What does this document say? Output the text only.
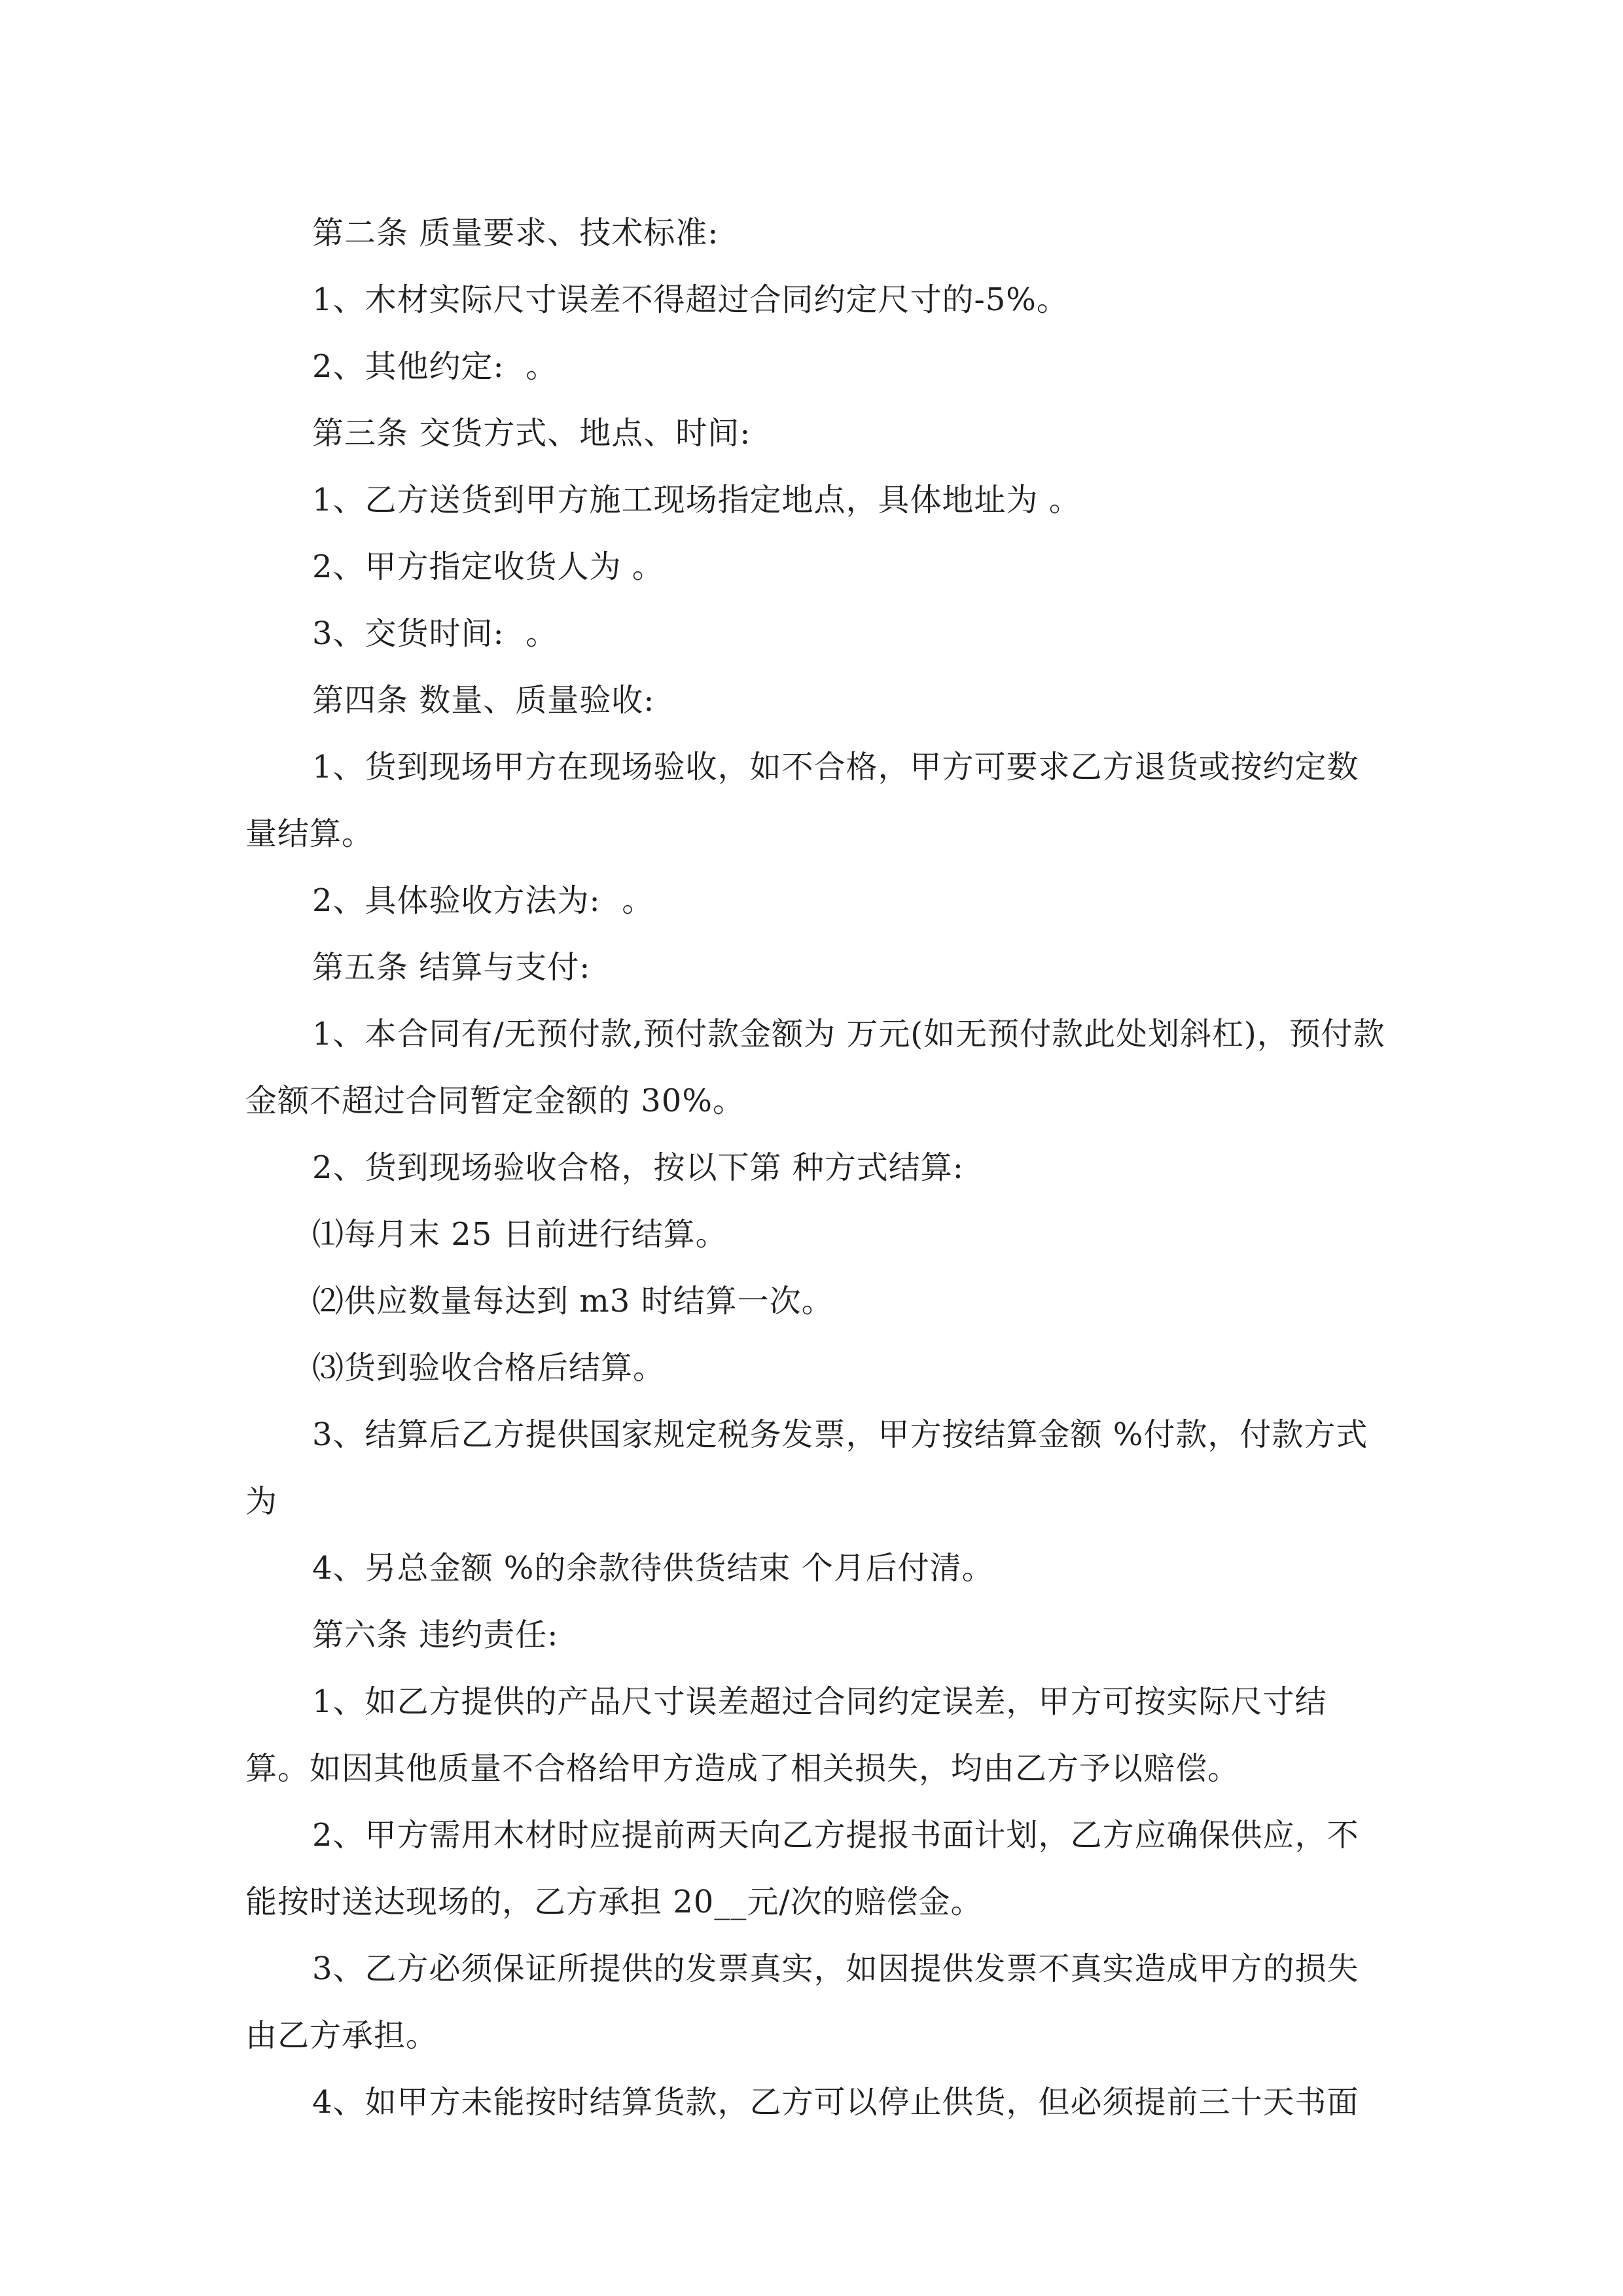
第二条 质量要求、技术标准:

1、木材实际尺寸误差不得超过合同约定尺寸的-5%。

2、其他约定:  。

第三条 交货方式、地点、时间:

1、乙方送货到甲方施工现场指定地点，具体地址为 。

2、甲方指定收货人为 。

3、交货时间:  。

第四条 数量、质量验收:

1、货到现场甲方在现场验收，如不合格，甲方可要求乙方退货或按约定数量结算。

2、具体验收方法为:  。

第五条 结算与支付:

1、本合同有/无预付款,预付款金额为 万元(如无预付款此处划斜杠)，预付款金额不超过合同暂定金额的 30%。

2、货到现场验收合格，按以下第 种方式结算:

⑴每月末 25 日前进行结算。

⑵供应数量每达到 m3 时结算一次。

⑶货到验收合格后结算。

3、结算后乙方提供国家规定税务发票，甲方按结算金额 %付款，付款方式为

4、另总金额 %的余款待供货结束 个月后付清。

第六条 违约责任:

1、如乙方提供的产品尺寸误差超过合同约定误差，甲方可按实际尺寸结算。如因其他质量不合格给甲方造成了相关损失，均由乙方予以赔偿。

2、甲方需用木材时应提前两天向乙方提报书面计划，乙方应确保供应，不能按时送达现场的，乙方承担 20__元/次的赔偿金。

3、乙方必须保证所提供的发票真实，如因提供发票不真实造成甲方的损失由乙方承担。

4、如甲方未能按时结算货款，乙方可以停止供货，但必须提前三十天书面
